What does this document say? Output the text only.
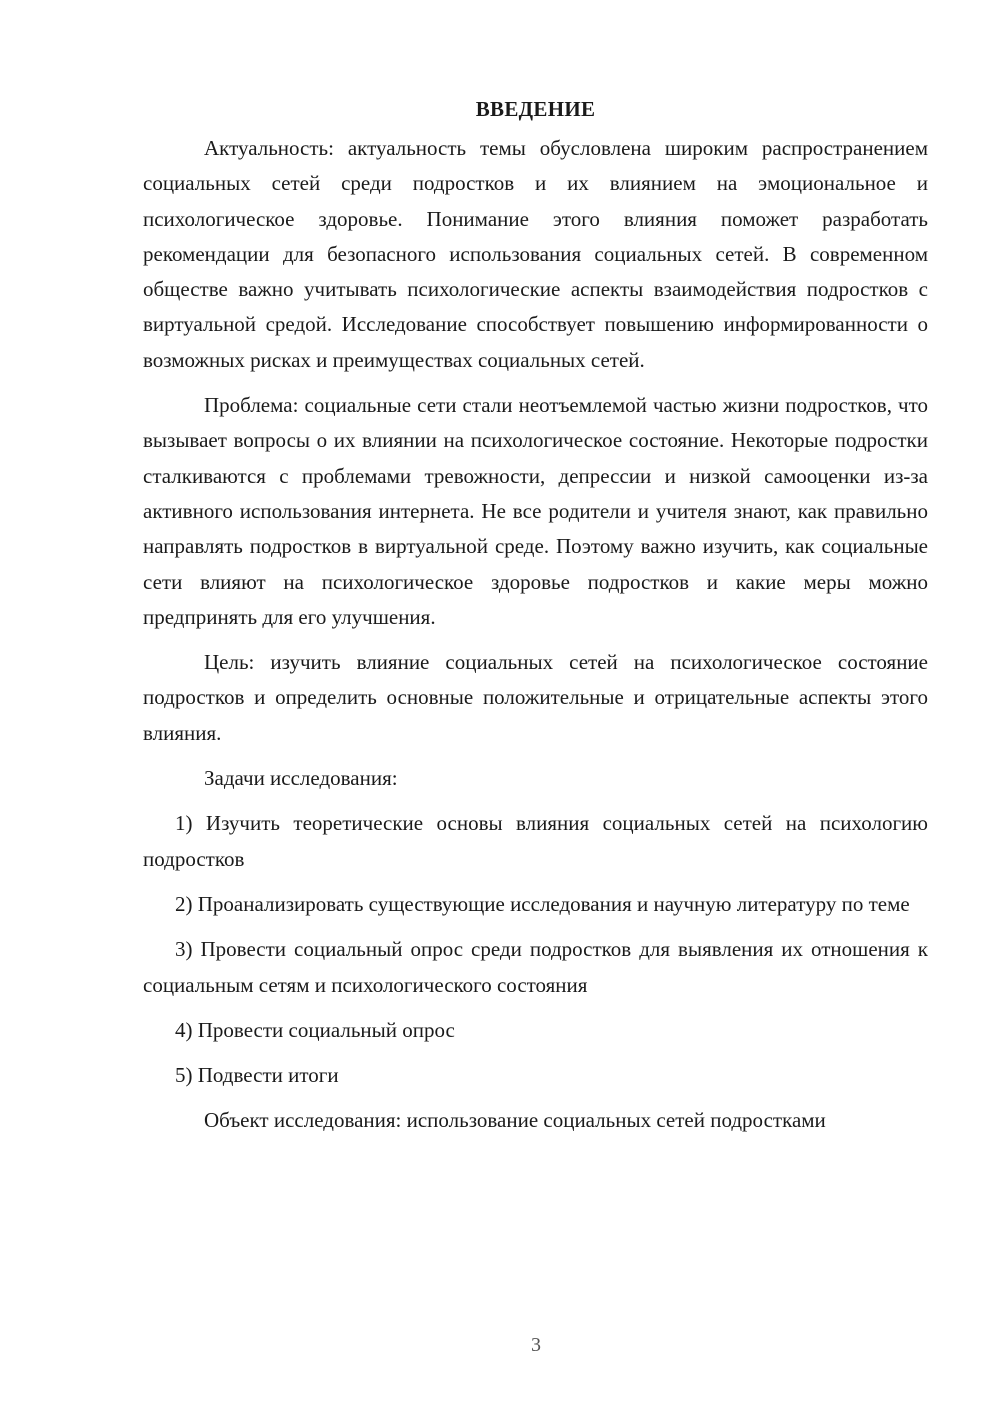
ВВЕДЕНИЕ

Актуальность: актуальность темы обусловлена широким распространением социальных сетей среди подростков и их влиянием на эмоциональное и психологическое здоровье. Понимание этого влияния поможет разработать рекомендации для безопасного использования социальных сетей. В современном обществе важно учитывать психологические аспекты взаимодействия подростков с виртуальной средой. Исследование способствует повышению информированности о возможных рисках и преимуществах социальных сетей.

Проблема: социальные сети стали неотъемлемой частью жизни подростков, что вызывает вопросы о их влиянии на психологическое состояние. Некоторые подростки сталкиваются с проблемами тревожности, депрессии и низкой самооценки из-за активного использования интернета. Не все родители и учителя знают, как правильно направлять подростков в виртуальной среде. Поэтому важно изучить, как социальные сети влияют на психологическое здоровье подростков и какие меры можно предпринять для его улучшения.

Цель: изучить влияние социальных сетей на психологическое состояние подростков и определить основные положительные и отрицательные аспекты этого влияния.

Задачи исследования:

1) Изучить теоретические основы влияния социальных сетей на психологию подростков

2) Проанализировать существующие исследования и научную литературу по теме

3) Провести социальный опрос среди подростков для выявления их отношения к социальным сетям и психологического состояния

4) Провести социальный опрос

5) Подвести итоги

Объект исследования: использование социальных сетей подростками

3
